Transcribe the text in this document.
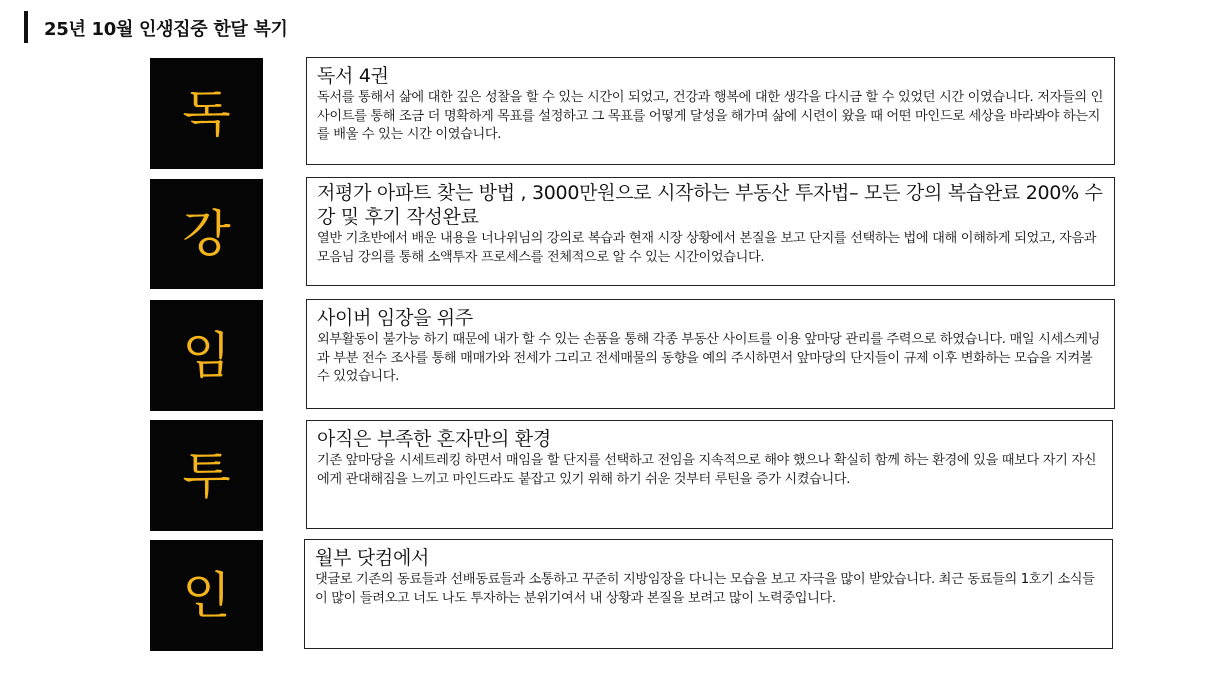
25년 10월 인생집중 한달 복기
독
독서 4권
독서를 통해서 삶에 대한 깊은 성찰을 할 수 있는 시간이 되었고, 건강과 행복에 대한 생각을 다시금 할 수 있었던 시간 이였습니다. 저자들의 인사이트를 통해 조금 더 명확하게 목표를 설정하고 그 목표를 어떻게 달성을 해가며 삶에 시련이 왔을 때 어떤 마인드로 세상을 바라봐야 하는지를 배울 수 있는 시간 이였습니다.
강
저평가 아파트 찾는 방법 , 3000만원으로 시작하는 부동산 투자법– 모든 강의 복습완료 200% 수강 및 후기 작성완료
열반 기초반에서 배운 내용을 너나위님의 강의로 복습과 현재 시장 상황에서 본질을 보고 단지를 선택하는 법에 대해 이해하게 되었고, 자음과모음님 강의를 통해 소액투자 프로세스를 전체적으로 알 수 있는 시간이었습니다.
임
사이버 임장을 위주
외부활동이 불가능 하기 때문에 내가 할 수 있는 손품을 통해 각종 부동산 사이트를 이용 앞마당 관리를 주력으로 하였습니다. 매일 시세스케닝과 부분 전수 조사를 통해 매매가와 전세가 그리고 전세매물의 동향을 예의 주시하면서 앞마당의 단지들이 규제 이후 변화하는 모습을 지켜볼 수 있었습니다.
투
아직은 부족한 혼자만의 환경
기존 앞마당을 시세트레킹 하면서 매임을 할 단지를 선택하고 전임을 지속적으로 해야 했으나 확실히 함께 하는 환경에 있을 때보다 자기 자신에게 관대해짐을 느끼고 마인드라도 붙잡고 있기 위해 하기 쉬운 것부터 루틴을 증가 시켰습니다.
인
월부 닷컴에서
댓글로 기존의 동료들과 선배동료들과 소통하고 꾸준히 지방임장을 다니는 모습을 보고 자극을 많이 받았습니다. 최근 동료들의 1호기 소식들이 많이 들려오고 너도 나도 투자하는 분위기여서 내 상황과 본질을 보려고 많이 노력중입니다.
